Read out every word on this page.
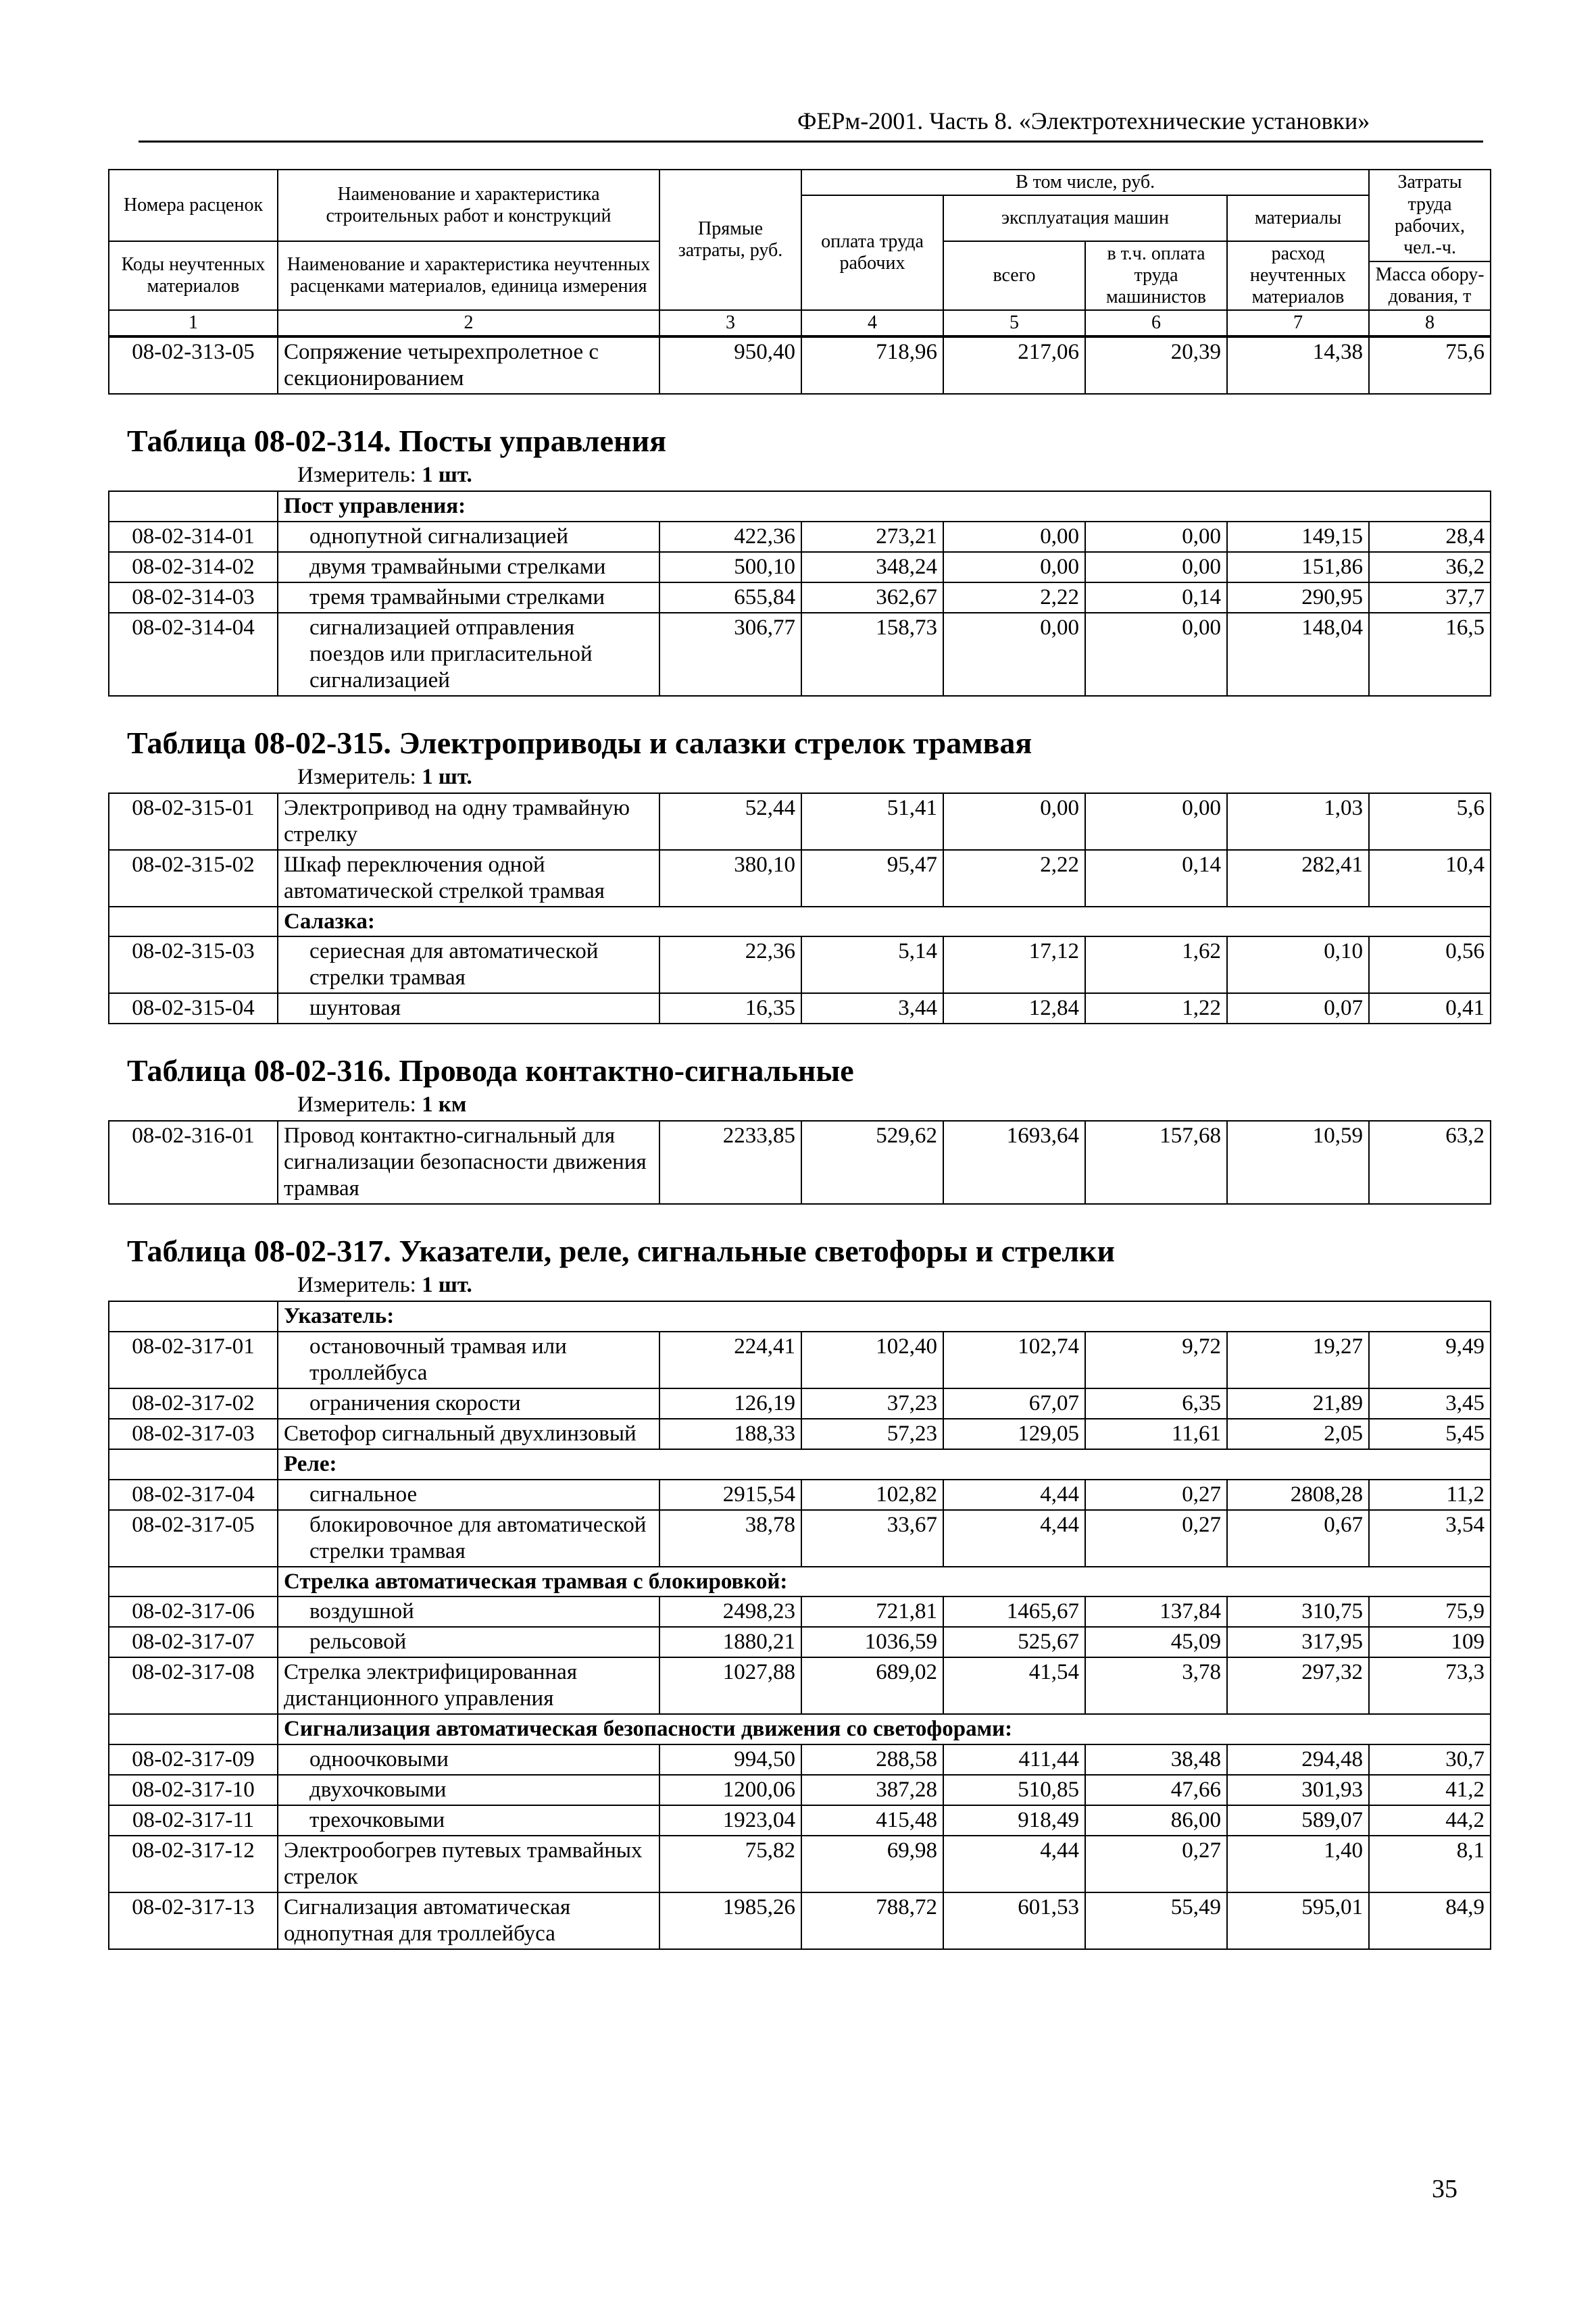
ФЕРм-2001. Часть 8. «Электротехнические установки»
Номера расценок	Наименование и характеристика строительных работ и конструкций	Прямые затраты, руб.	В том числе, руб.				Затраты труда рабочих, чел.-ч.
			оплата труда рабочих	эксплуатация машин		материалы	
Коды неучтенных материалов	Наименование и характеристика неучтенных расценками материалов, единица измерения			всего	в т.ч. оплата труда машинистов	расход неучтенных материалов	
							Масса обору-дования, т
1	2	3	4	5	6	7	8
08-02-313-05	Сопряжение четырехпролетное с секционированием	950,40	718,96	217,06	20,39	14,38	75,6
Таблица 08-02-314. Посты управления
Измеритель: 1 шт.
	Пост управления:						
08-02-314-01	однопутной сигнализацией	422,36	273,21	0,00	0,00	149,15	28,4
08-02-314-02	двумя трамвайными стрелками	500,10	348,24	0,00	0,00	151,86	36,2
08-02-314-03	тремя трамвайными стрелками	655,84	362,67	2,22	0,14	290,95	37,7
08-02-314-04	сигнализацией отправления поездов или пригласительной сигнализацией	306,77	158,73	0,00	0,00	148,04	16,5
Таблица 08-02-315. Электроприводы и салазки стрелок трамвая
Измеритель: 1 шт.
08-02-315-01	Электропривод на одну трамвайную стрелку	52,44	51,41	0,00	0,00	1,03	5,6
08-02-315-02	Шкаф переключения одной автоматической стрелкой трамвая	380,10	95,47	2,22	0,14	282,41	10,4
	Салазка:						
08-02-315-03	сериесная для автоматической стрелки трамвая	22,36	5,14	17,12	1,62	0,10	0,56
08-02-315-04	шунтовая	16,35	3,44	12,84	1,22	0,07	0,41
Таблица 08-02-316. Провода контактно-сигнальные
Измеритель: 1 км
08-02-316-01	Провод контактно-сигнальный для сигнализации безопасности движения трамвая	2233,85	529,62	1693,64	157,68	10,59	63,2
Таблица 08-02-317. Указатели, реле, сигнальные светофоры и стрелки
Измеритель: 1 шт.
	Указатель:						
08-02-317-01	остановочный трамвая или троллейбуса	224,41	102,40	102,74	9,72	19,27	9,49
08-02-317-02	ограничения скорости	126,19	37,23	67,07	6,35	21,89	3,45
08-02-317-03	Светофор сигнальный двухлинзовый	188,33	57,23	129,05	11,61	2,05	5,45
	Реле:						
08-02-317-04	сигнальное	2915,54	102,82	4,44	0,27	2808,28	11,2
08-02-317-05	блокировочное для автоматической стрелки трамвая	38,78	33,67	4,44	0,27	0,67	3,54
	Стрелка автоматическая трамвая с блокировкой:						
08-02-317-06	воздушной	2498,23	721,81	1465,67	137,84	310,75	75,9
08-02-317-07	рельсовой	1880,21	1036,59	525,67	45,09	317,95	109
08-02-317-08	Стрелка электрифицированная дистанционного управления	1027,88	689,02	41,54	3,78	297,32	73,3
	Сигнализация автоматическая безопасности движения со светофорами:						
08-02-317-09	одноочковыми	994,50	288,58	411,44	38,48	294,48	30,7
08-02-317-10	двухочковыми	1200,06	387,28	510,85	47,66	301,93	41,2
08-02-317-11	трехочковыми	1923,04	415,48	918,49	86,00	589,07	44,2
08-02-317-12	Электрообогрев путевых трамвайных стрелок	75,82	69,98	4,44	0,27	1,40	8,1
08-02-317-13	Сигнализация автоматическая однопутная для троллейбуса	1985,26	788,72	601,53	55,49	595,01	84,9
35
